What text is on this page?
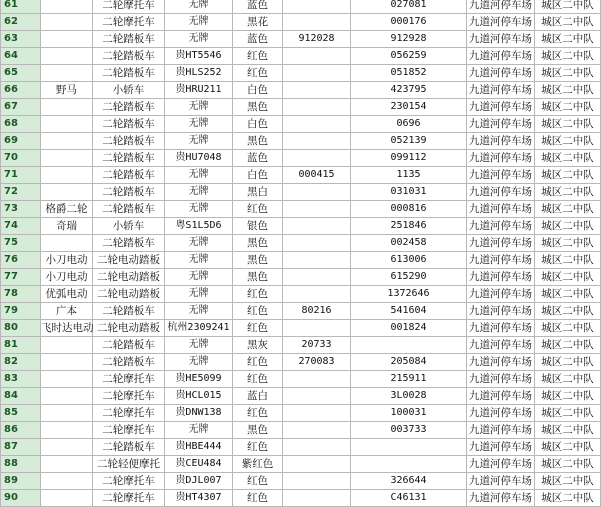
61		二轮摩托车	无牌	蓝色		027081	九道河停车场	城区二中队
62		二轮摩托车	无牌	黑花		000176	九道河停车场	城区二中队
63		二轮踏板车	无牌	蓝色	912028	912928	九道河停车场	城区二中队
64		二轮踏板车	贵HT5546	红色		056259	九道河停车场	城区二中队
65		二轮踏板车	贵HLS252	红色		051852	九道河停车场	城区二中队
66	野马	小轿车	贵HRU211	白色		423795	九道河停车场	城区二中队
67		二轮踏板车	无牌	黑色		230154	九道河停车场	城区二中队
68		二轮踏板车	无牌	白色		0696	九道河停车场	城区二中队
69		二轮踏板车	无牌	黑色		052139	九道河停车场	城区二中队
70		二轮踏板车	贵HU7048	蓝色		099112	九道河停车场	城区二中队
71		二轮踏板车	无牌	白色	000415	1135	九道河停车场	城区二中队
72		二轮踏板车	无牌	黑白		031031	九道河停车场	城区二中队
73	格爵二轮	二轮踏板车	无牌	红色		000816	九道河停车场	城区二中队
74	奇瑞	小轿车	粤S1L5D6	银色		251846	九道河停车场	城区二中队
75		二轮踏板车	无牌	黑色		002458	九道河停车场	城区二中队
76	小刀电动	二轮电动踏板	无牌	黑色		613006	九道河停车场	城区二中队
77	小刀电动	二轮电动踏板	无牌	黑色		615290	九道河停车场	城区二中队
78	优弧电动	二轮电动踏板	无牌	红色		1372646	九道河停车场	城区二中队
79	广本	二轮踏板车	无牌	红色	80216	541604	九道河停车场	城区二中队
80	飞时达电动	二轮电动踏板	杭州2309241	红色		001824	九道河停车场	城区二中队
81		二轮踏板车	无牌	黑灰	20733		九道河停车场	城区二中队
82		二轮踏板车	无牌	红色	270083	205084	九道河停车场	城区二中队
83		二轮摩托车	贵HE5099	红色		215911	九道河停车场	城区二中队
84		二轮摩托车	贵HCL015	蓝白		3L0028	九道河停车场	城区二中队
85		二轮摩托车	贵DNW138	红色		100031	九道河停车场	城区二中队
86		二轮摩托车	无牌	黑色		003733	九道河停车场	城区二中队
87		二轮踏板车	贵HBE444	红色			九道河停车场	城区二中队
88		二轮轻便摩托	贵CEU484	紫红色			九道河停车场	城区二中队
89		二轮摩托车	贵DJL007	红色		326644	九道河停车场	城区二中队
90		二轮摩托车	贵HT4307	红色		C46131	九道河停车场	城区二中队
